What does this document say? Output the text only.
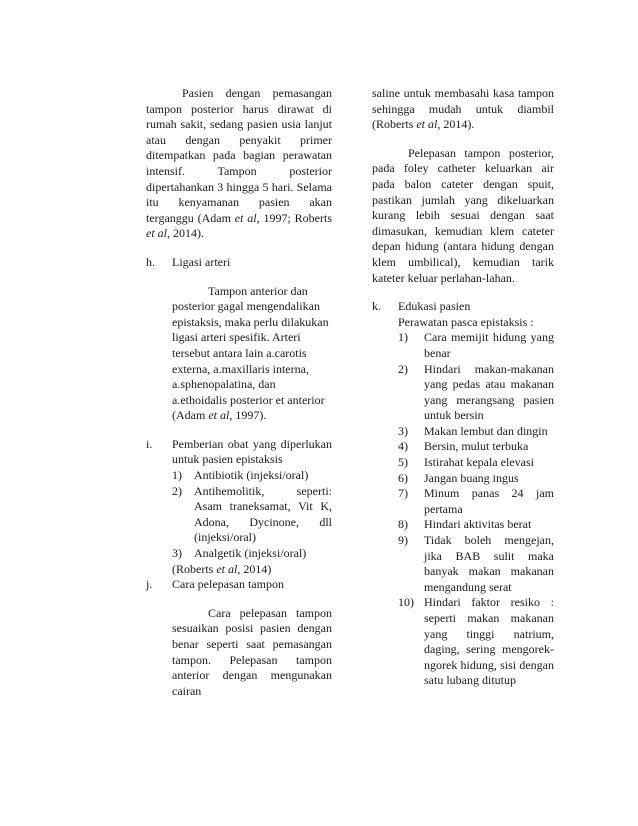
Pasien dengan pemasangan tampon posterior harus dirawat di rumah sakit, sedang pasien usia lanjut atau dengan penyakit primer ditempatkan pada bagian perawatan intensif. Tampon posterior dipertahankan 3 hingga 5 hari. Selama itu kenyamanan pasien akan terganggu (Adam et al, 1997; Roberts et al, 2014).

h.	Ligasi arteri

Tampon anterior dan posterior gagal mengendalikan epistaksis, maka perlu dilakukan ligasi arteri spesifik. Arteri tersebut antara lain a.carotis externa, a.maxillaris interna, a.sphenopalatina, dan a.ethoidalis posterior et anterior (Adam et al, 1997).

i.	Pemberian obat yang diperlukan untuk pasien epistaksis

1)	Antibiotik (injeksi/oral)
2)	Antihemolitik, seperti: Asam traneksamat, Vit K, Adona, Dycinone, dll (injeksi/oral)
3)	Analgetik (injeksi/oral)

(Roberts et al, 2014)

j.	Cara pelepasan tampon

Cara pelepasan tampon sesuaikan posisi pasien dengan benar seperti saat pemasangan tampon. Pelepasan tampon anterior dengan mengunakan cairan

saline untuk membasahi kasa tampon sehingga mudah untuk diambil (Roberts et al, 2014).

Pelepasan tampon posterior, pada foley catheter keluarkan air pada balon cateter dengan spuit, pastikan jumlah yang dikeluarkan kurang lebih sesuai dengan saat dimasukan, kemudian klem cateter depan hidung (antara hidung dengan klem umbilical), kemudian tarik kateter keluar perlahan-lahan.

k.	Edukasi pasien

Perawatan pasca epistaksis :

1)	Cara memijit hidung yang benar
2)	Hindari makan-makanan yang pedas atau makanan yang merangsang pasien untuk bersin
3)	Makan lembut dan dingin
4)	Bersin, mulut terbuka
5)	Istirahat kepala elevasi
6)	Jangan buang ingus
7)	Minum panas 24 jam pertama
8)	Hindari aktivitas berat
9)	Tidak boleh mengejan, jika BAB sulit maka banyak makan makanan mengandung serat
10) Hindari faktor resiko : seperti makan makanan yang tinggi natrium, daging, sering mengorek-ngorek hidung, sisi dengan satu lubang ditutup
